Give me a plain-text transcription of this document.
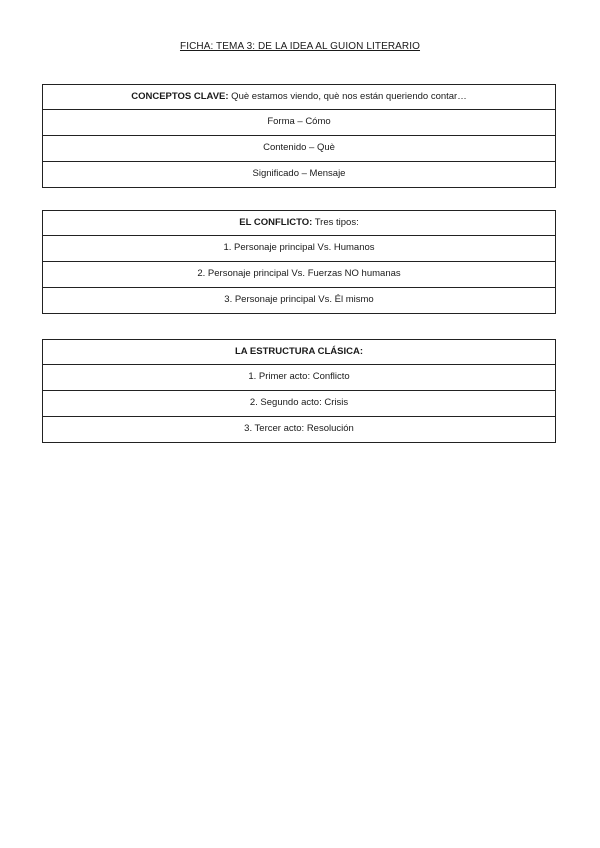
FICHA: TEMA 3: DE LA IDEA AL GUION LITERARIO
CONCEPTOS CLAVE: Què estamos viendo, què nos están queriendo contar…
Forma – Cómo
Contenido – Què
Significado – Mensaje
EL CONFLICTO: Tres tipos:
1. Personaje principal Vs. Humanos
2. Personaje principal Vs. Fuerzas NO humanas
3. Personaje principal Vs. Él mismo
LA ESTRUCTURA CLÁSICA:
1. Primer acto: Conflicto
2. Segundo acto: Crisis
3. Tercer acto: Resolución
